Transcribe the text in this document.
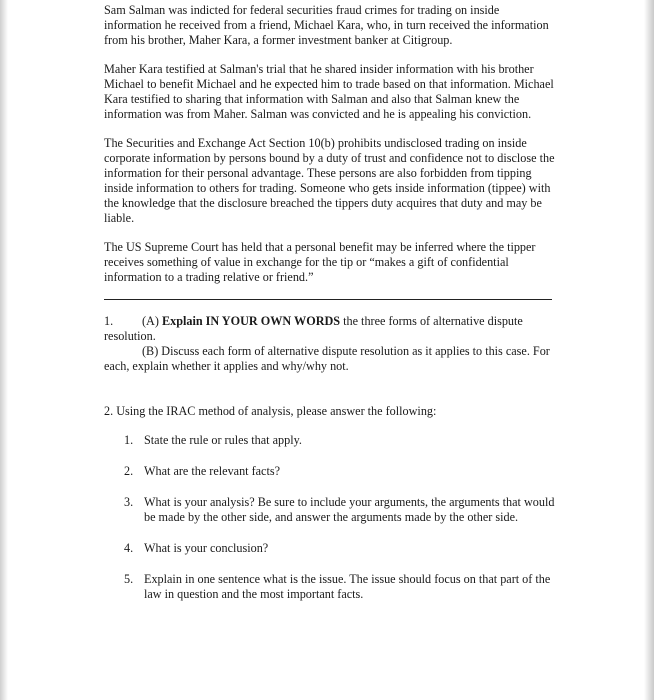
Sam Salman was indicted for federal securities fraud crimes for trading on inside information he received from a friend, Michael Kara, who, in turn received the information from his brother, Maher Kara, a former investment banker at Citigroup.

Maher Kara testified at Salman's trial that he shared insider information with his brother Michael to benefit Michael and he expected him to trade based on that information. Michael Kara testified to sharing that information with Salman and also that Salman knew the information was from Maher. Salman was convicted and he is appealing his conviction.

The Securities and Exchange Act Section 10(b) prohibits undisclosed trading on inside corporate information by persons bound by a duty of trust and confidence not to disclose the information for their personal advantage. These persons are also forbidden from tipping inside information to others for trading. Someone who gets inside information (tippee) with the knowledge that the disclosure breached the tippers duty acquires that duty and may be liable.

The US Supreme Court has held that a personal benefit may be inferred where the tipper receives something of value in exchange for the tip or “makes a gift of confidential information to a trading relative or friend.”

1. (A) Explain IN YOUR OWN WORDS the three forms of alternative dispute resolution.

(B) Discuss each form of alternative dispute resolution as it applies to this case. For each, explain whether it applies and why/why not.

2. Using the IRAC method of analysis, please answer the following:

1. State the rule or rules that apply.
2. What are the relevant facts?
3. What is your analysis? Be sure to include your arguments, the arguments that would be made by the other side, and answer the arguments made by the other side.
4. What is your conclusion?
5. Explain in one sentence what is the issue. The issue should focus on that part of the law in question and the most important facts.
